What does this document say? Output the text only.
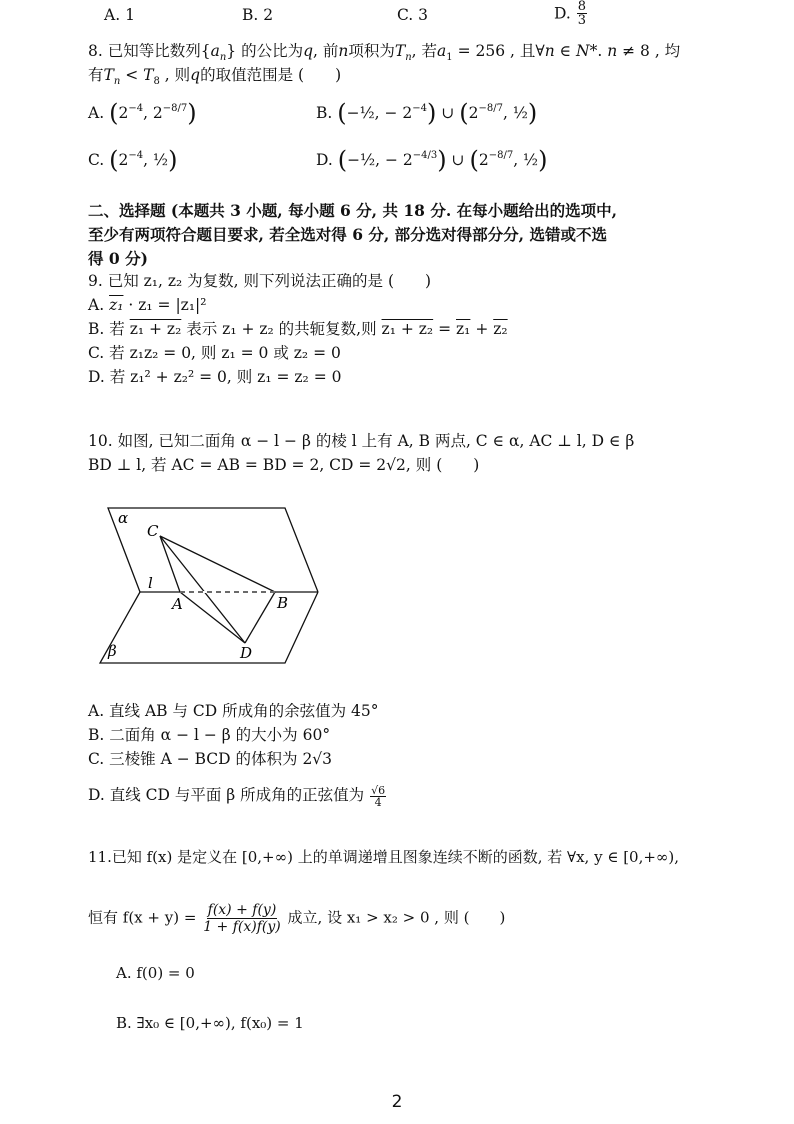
A. 1	B. 2	C. 3	D. $\frac{8}{3}$
8. 已知等比数列$\{a_n\}$ 的公比为q, 前n项积为$T_n$, 若$a_1 = 256$ , 且∀n ∈ N*. n ≠ 8 , 均
有$T_n < T_8$ , 则q的取值范围是 (　　)
A. ($2^{-4}$, $2^{-8/7}$)	B. (−½, − $2^{-4}$) ∪ ($2^{-8/7}$, ½)
C. ($2^{-4}$, ½)	D. (−½, − $2^{-4/3}$) ∪ ($2^{-8/7}$, ½)
二、选择题 (本题共 3 小题, 每小题 6 分, 共 18 分. 在每小题给出的选项中,
至少有两项符合题目要求, 若全选对得 6 分, 部分选对得部分分, 选错或不选
得 0 分)
9. 已知 z₁, z₂ 为复数, 则下列说法正确的是 (　　)
A. z₁ · z₁ = |z₁|²
B. 若 z₁ + z₂ 表示 z₁ + z₂ 的共轭复数,则 z₁ + z₂ = z₁ + z₂
C. 若 z₁z₂ = 0, 则 z₁ = 0 或 z₂ = 0
D. 若 z₁² + z₂² = 0, 则 z₁ = z₂ = 0
10. 如图, 已知二面角 α − l − β 的棱 l 上有 A, B 两点, C ∈ α, AC ⊥ l, D ∈ β
BD ⊥ l, 若 AC = AB = BD = 2, CD = 2√2, 则 (　　)
α
C
l
A	B
β	D
A. 直线 AB 与 CD 所成角的余弦值为 45°
B. 二面角 α − l − β 的大小为 60°
C. 三棱锥 A − BCD 的体积为 2√3
D. 直线 CD 与平面 β 所成角的正弦值为 $\frac{√6}{4}$
11.已知 f(x) 是定义在 [0,+∞) 上的单调递增且图象连续不断的函数, 若 ∀x, y ∈ [0,+∞),
恒有 $f(x + y) = \frac{f(x) + f(y)}{1 + f(x)f(y)}$ 成立, 设 x₁ > x₂ > 0 , 则 (　　)
A. f(0) = 0
B. ∃x₀ ∈ [0,+∞), f(x₀) = 1
2
